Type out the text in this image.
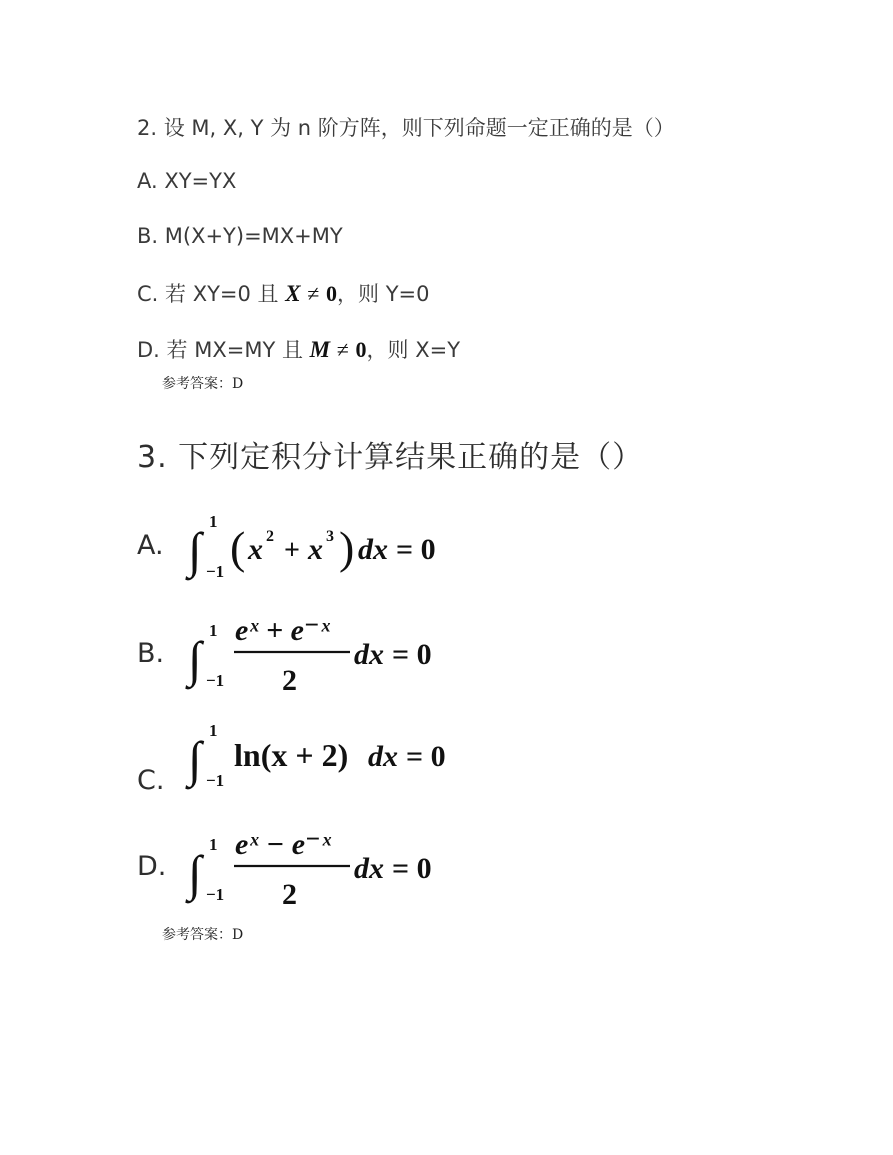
2. 设 M, X, Y 为 n 阶方阵，则下列命题一定正确的是（）
A. XY=YX
B. M(X+Y)=MX+MY
C. 若 XY=0 且 X ≠ 0，则 Y=0
D. 若 MX=MY 且 M ≠ 0，则 X=Y
参考答案：D
3. 下列定积分计算结果正确的是（）
A. ∫
1
−1 ( x 2 + x 3 ) dx = 0
B. ∫
1
−1
eˣ + e⁻ˣ
2
dx = 0
C. ∫
1
−1
ln(x + 2) dx = 0
D. ∫
1
−1
eˣ − e⁻ˣ
2
dx = 0
参考答案：D
